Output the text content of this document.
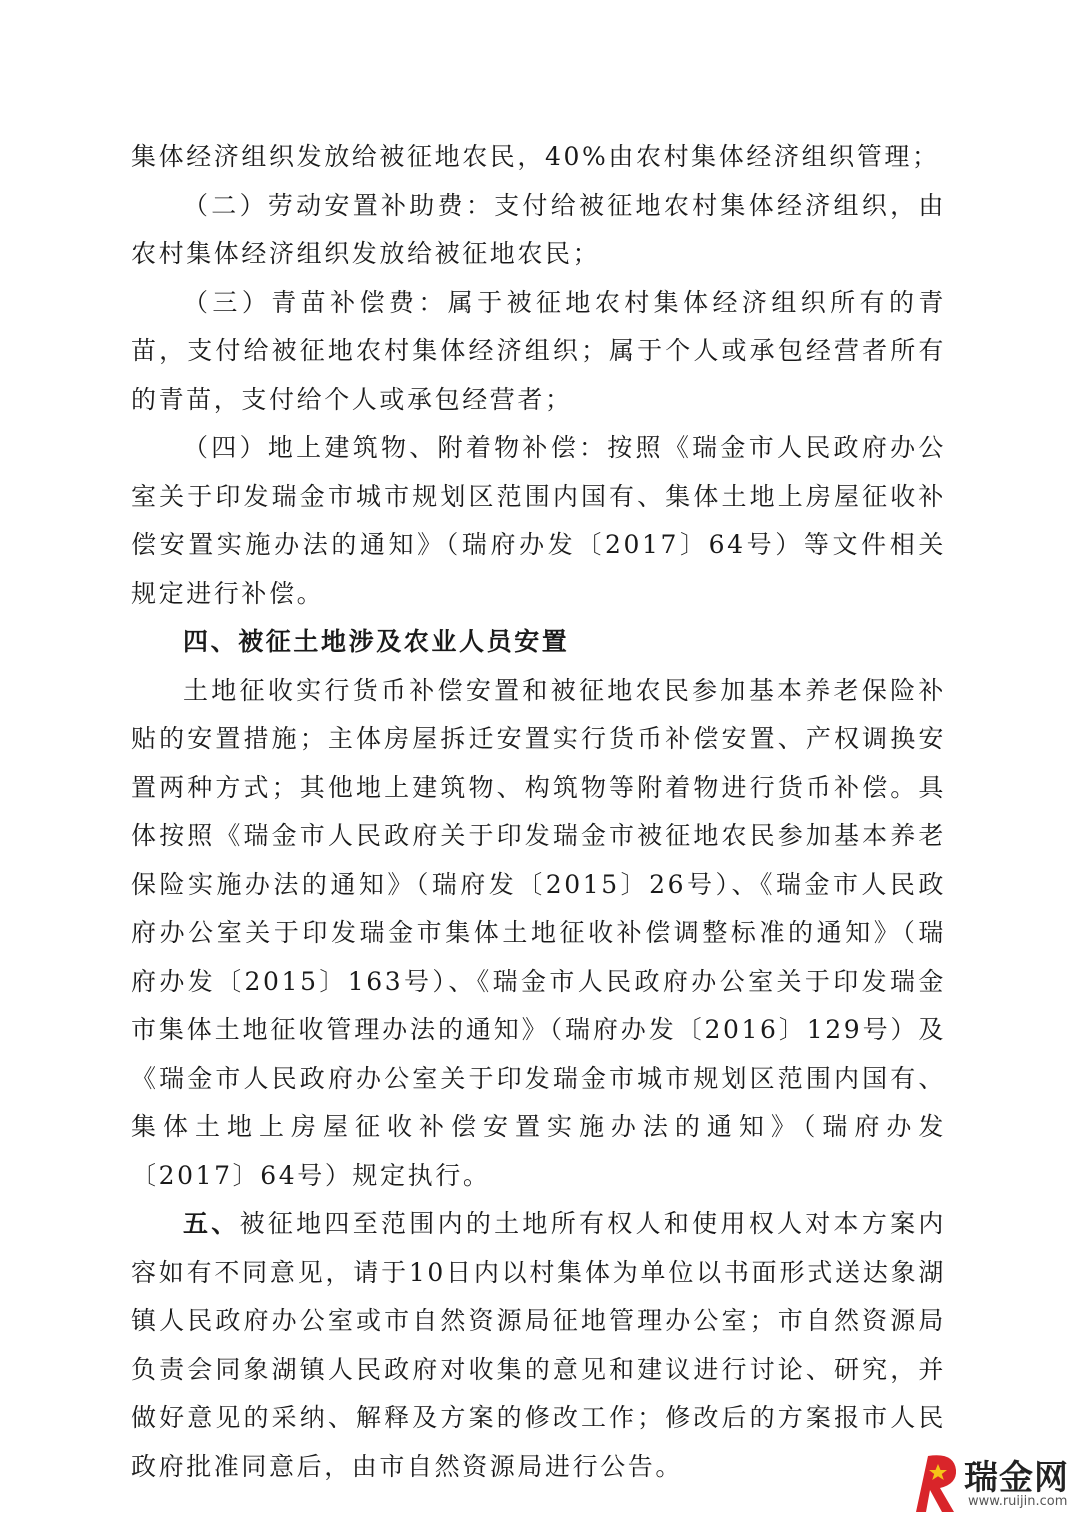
集体经济组织发放给被征地农民，40%由农村集体经济组织管理；

（二）劳动安置补助费：支付给被征地农村集体经济组织，由农村集体经济组织发放给被征地农民；

（三）青苗补偿费：属于被征地农村集体经济组织所有的青苗，支付给被征地农村集体经济组织；属于个人或承包经营者所有的青苗，支付给个人或承包经营者；

（四）地上建筑物、附着物补偿：按照《瑞金市人民政府办公室关于印发瑞金市城市规划区范围内国有、集体土地上房屋征收补偿安置实施办法的通知》（瑞府办发〔2017〕64号）等文件相关规定进行补偿。

四、被征土地涉及农业人员安置

土地征收实行货币补偿安置和被征地农民参加基本养老保险补贴的安置措施；主体房屋拆迁安置实行货币补偿安置、产权调换安置两种方式；其他地上建筑物、构筑物等附着物进行货币补偿。具体按照《瑞金市人民政府关于印发瑞金市被征地农民参加基本养老保险实施办法的通知》（瑞府发〔2015〕26号）、《瑞金市人民政府办公室关于印发瑞金市集体土地征收补偿调整标准的通知》（瑞府办发〔2015〕163号）、《瑞金市人民政府办公室关于印发瑞金市集体土地征收管理办法的通知》（瑞府办发〔2016〕129号）及《瑞金市人民政府办公室关于印发瑞金市城市规划区范围内国有、集体土地上房屋征收补偿安置实施办法的通知》（瑞府办发〔2017〕64号）规定执行。

五、被征地四至范围内的土地所有权人和使用权人对本方案内容如有不同意见，请于10日内以村集体为单位以书面形式送达象湖镇人民政府办公室或市自然资源局征地管理办公室；市自然资源局负责会同象湖镇人民政府对收集的意见和建议进行讨论、研究，并做好意见的采纳、解释及方案的修改工作；修改后的方案报市人民政府批准同意后，由市自然资源局进行公告。	瑞金网
www.ruijin.com
